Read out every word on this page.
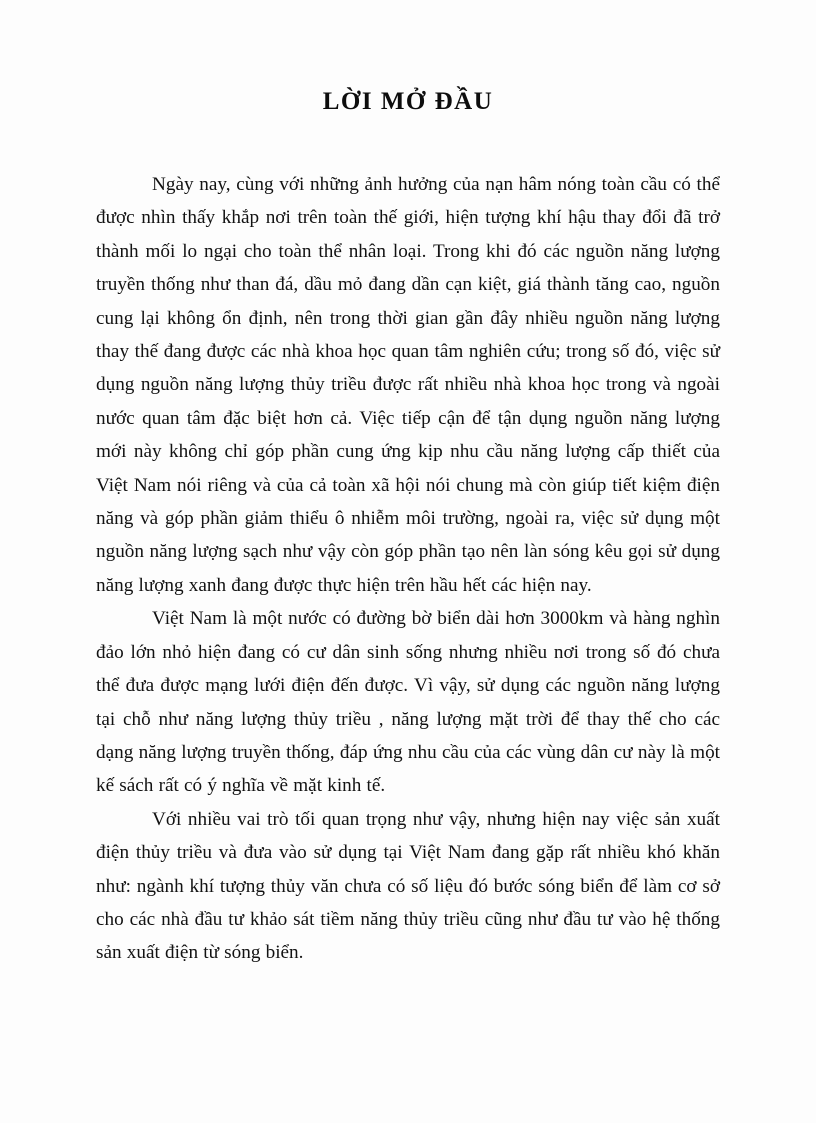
LỜI MỞ ĐẦU

Ngày nay, cùng với những ảnh hưởng của nạn hâm nóng toàn cầu có thể được nhìn thấy khắp nơi trên toàn thế giới, hiện tượng khí hậu thay đổi đã trở thành mối lo ngại cho toàn thể nhân loại. Trong khi đó các nguồn năng lượng truyền thống như than đá, dầu mỏ đang dần cạn kiệt, giá thành tăng cao, nguồn cung lại không ổn định, nên trong thời gian gần đây nhiều nguồn năng lượng thay thế đang được các nhà khoa học quan tâm nghiên cứu; trong số đó, việc sử dụng nguồn năng lượng thủy triều được rất nhiều nhà khoa học trong và ngoài nước quan tâm đặc biệt hơn cả. Việc tiếp cận để tận dụng nguồn năng lượng mới này không chỉ góp phần cung ứng kịp nhu cầu năng lượng cấp thiết của Việt Nam nói riêng và của cả toàn xã hội nói chung mà còn giúp tiết kiệm điện năng và góp phần giảm thiểu ô nhiễm môi trường, ngoài ra, việc sử dụng một nguồn năng lượng sạch như vậy còn góp phần tạo nên làn sóng kêu gọi sử dụng năng lượng xanh đang được thực hiện trên hầu hết các hiện nay.

Việt Nam là một nước có đường bờ biển dài hơn 3000km và hàng nghìn đảo lớn nhỏ hiện đang có cư dân sinh sống nhưng nhiều nơi trong số đó chưa thể đưa được mạng lưới điện đến được. Vì vậy, sử dụng các nguồn năng lượng tại chỗ như năng lượng thủy triều , năng lượng mặt trời để thay thế cho các dạng năng lượng truyền thống, đáp ứng nhu cầu của các vùng dân cư này là một kế sách rất có ý nghĩa về mặt kinh tế.

Với nhiều vai trò tối quan trọng như vậy, nhưng hiện nay việc sản xuất điện thủy triều và đưa vào sử dụng tại Việt Nam đang gặp rất nhiều khó khăn như: ngành khí tượng thủy văn chưa có số liệu đó bước sóng biển để làm cơ sở cho các nhà đầu tư khảo sát tiềm năng thủy triều cũng như đầu tư vào hệ thống sản xuất điện từ sóng biển.
